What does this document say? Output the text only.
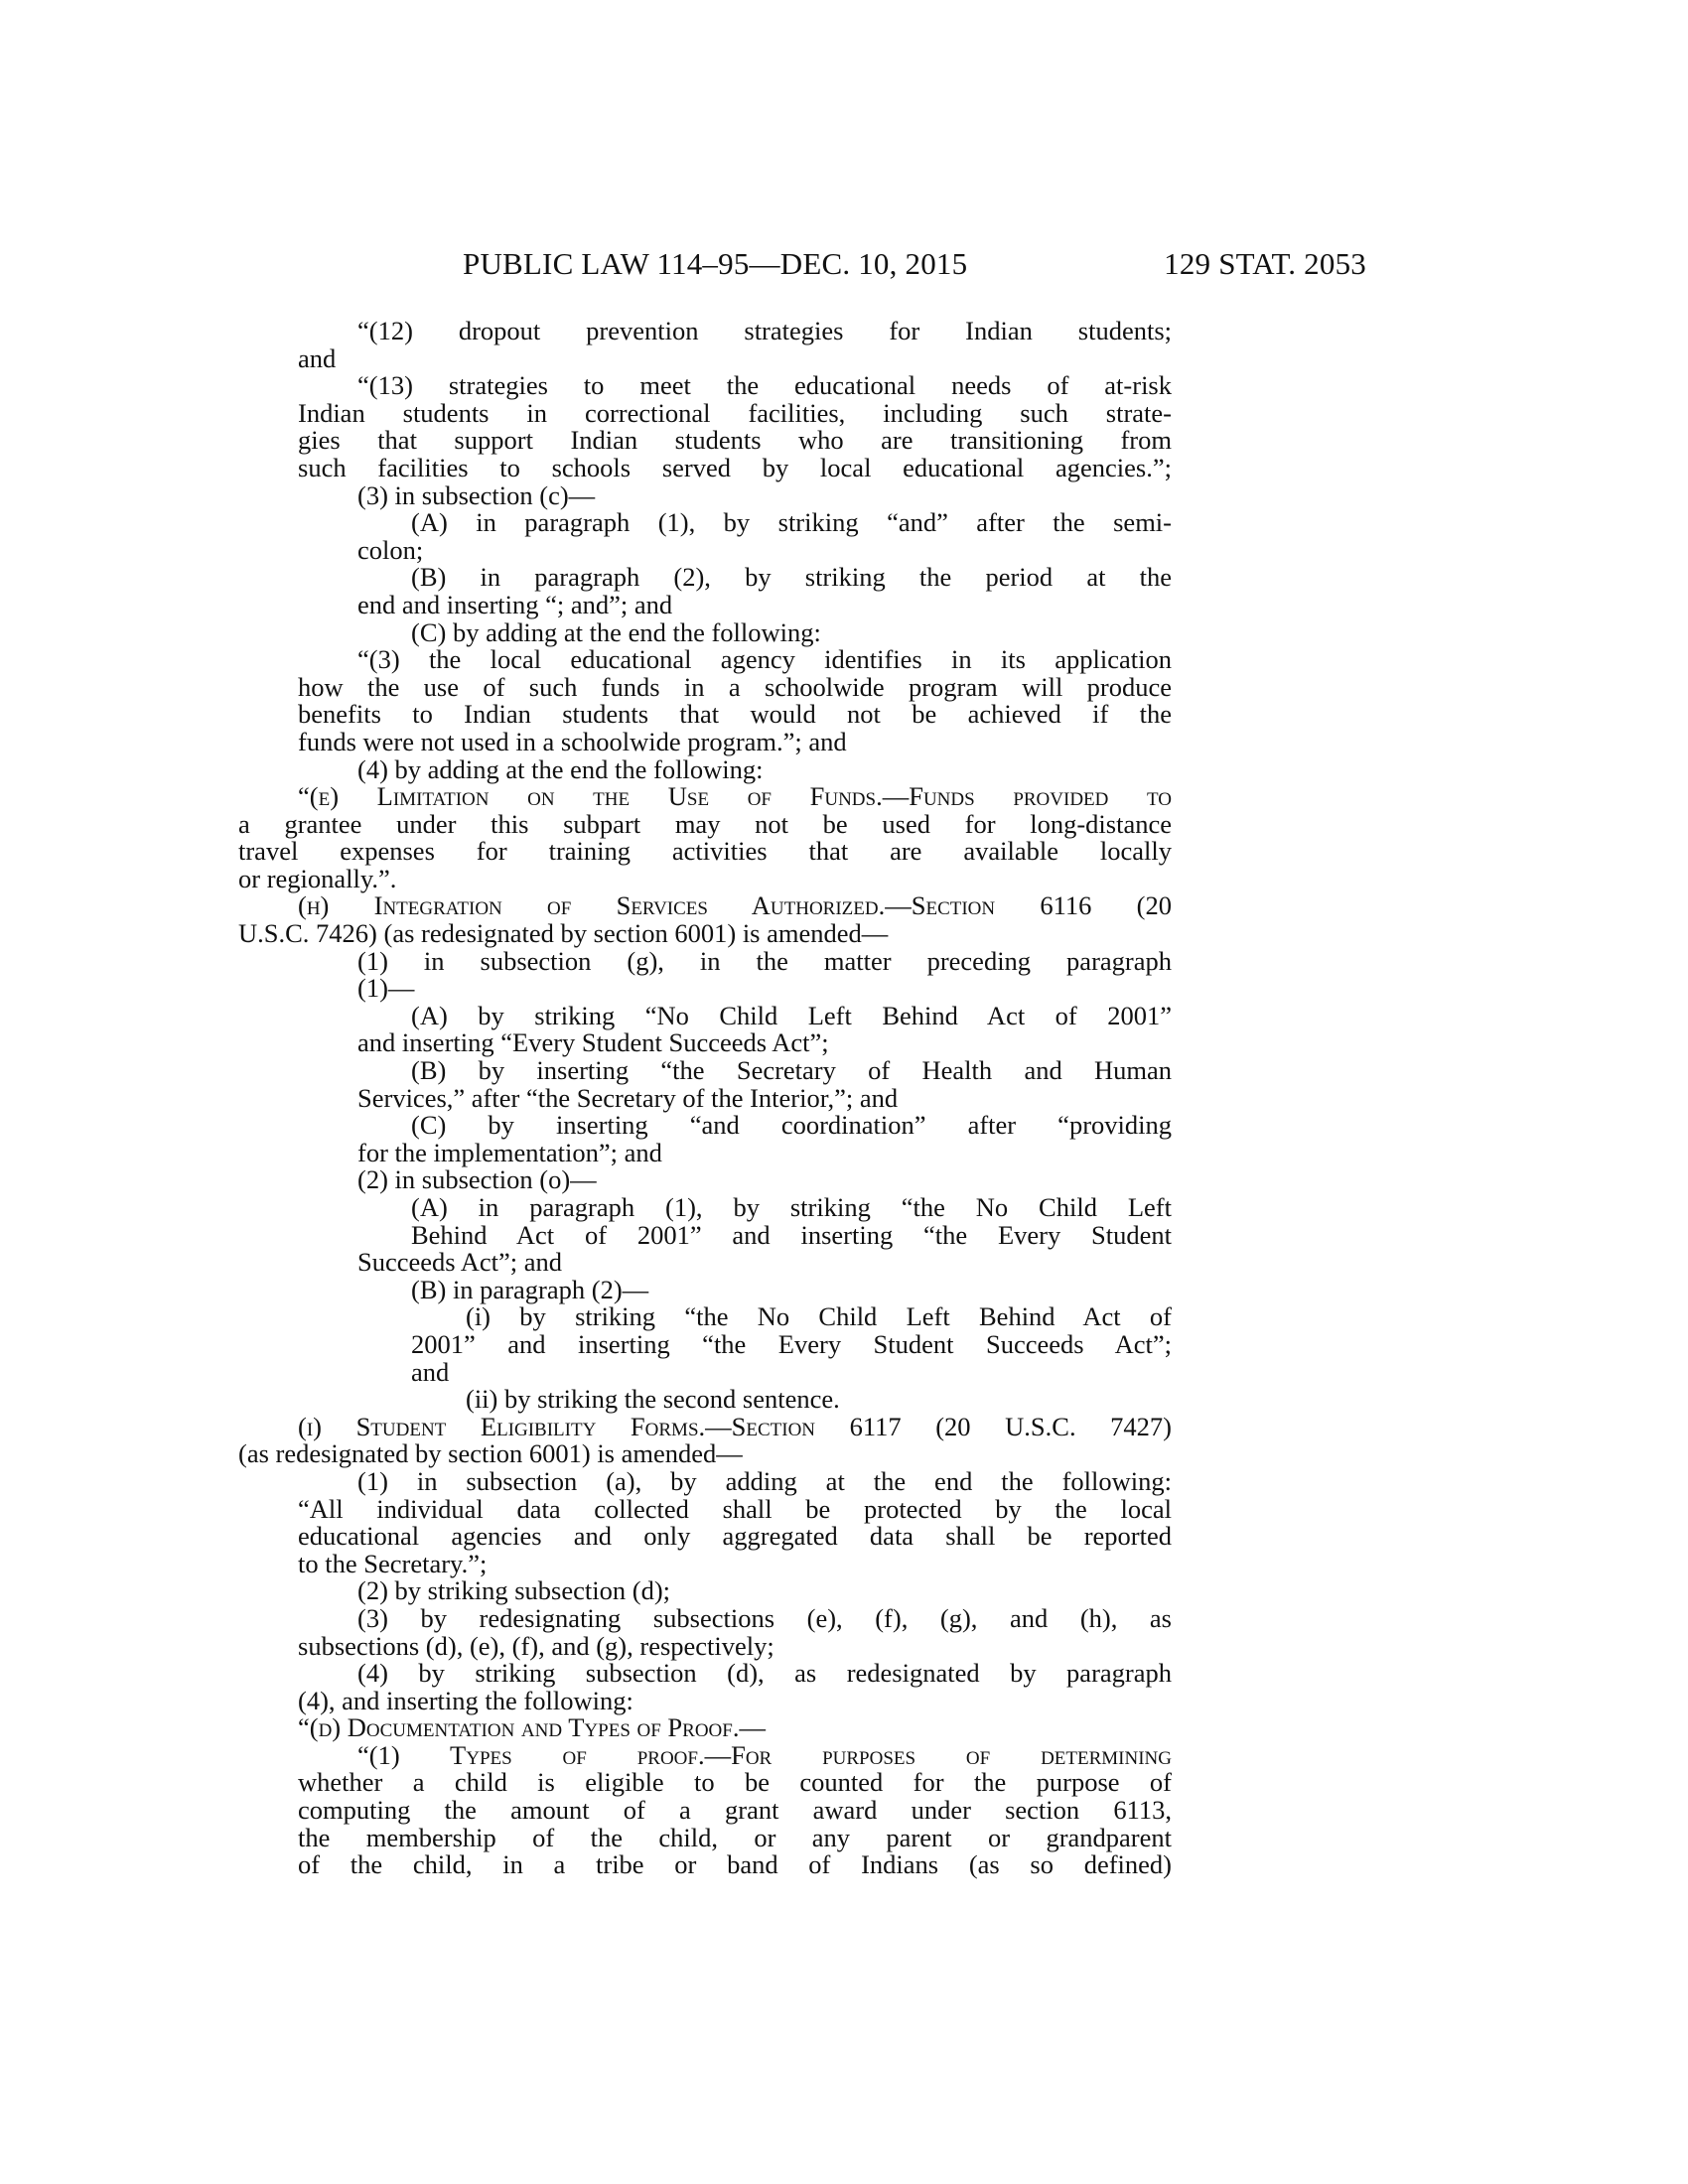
PUBLIC LAW 114–95—DEC. 10, 2015	129 STAT. 2053
“(12) dropout prevention strategies for Indian students;
and
“(13) strategies to meet the educational needs of at-risk
Indian students in correctional facilities, including such strate-
gies that support Indian students who are transitioning from
such facilities to schools served by local educational agencies.”;
(3) in subsection (c)—
(A) in paragraph (1), by striking “and” after the semi-
colon;
(B) in paragraph (2), by striking the period at the
end and inserting “; and”; and
(C) by adding at the end the following:
“(3) the local educational agency identifies in its application
how the use of such funds in a schoolwide program will produce
benefits to Indian students that would not be achieved if the
funds were not used in a schoolwide program.”; and
(4) by adding at the end the following:
“(e) Limitation on the Use of Funds.—Funds provided to
a grantee under this subpart may not be used for long-distance
travel expenses for training activities that are available locally
or regionally.”.
(h) Integration of Services Authorized.—Section 6116 (20
U.S.C. 7426) (as redesignated by section 6001) is amended—
(1) in subsection (g), in the matter preceding paragraph
(1)—
(A) by striking “No Child Left Behind Act of 2001”
and inserting “Every Student Succeeds Act”;
(B) by inserting “the Secretary of Health and Human
Services,” after “the Secretary of the Interior,”; and
(C) by inserting “and coordination” after “providing
for the implementation”; and
(2) in subsection (o)—
(A) in paragraph (1), by striking “the No Child Left
Behind Act of 2001” and inserting “the Every Student
Succeeds Act”; and
(B) in paragraph (2)—
(i) by striking “the No Child Left Behind Act of
2001” and inserting “the Every Student Succeeds Act”;
and
(ii) by striking the second sentence.
(i) Student Eligibility Forms.—Section 6117 (20 U.S.C. 7427)
(as redesignated by section 6001) is amended—
(1) in subsection (a), by adding at the end the following:
“All individual data collected shall be protected by the local
educational agencies and only aggregated data shall be reported
to the Secretary.”;
(2) by striking subsection (d);
(3) by redesignating subsections (e), (f), (g), and (h), as
subsections (d), (e), (f), and (g), respectively;
(4) by striking subsection (d), as redesignated by paragraph
(4), and inserting the following:
“(d) Documentation and Types of Proof.—
“(1) Types of proof.—For purposes of determining
whether a child is eligible to be counted for the purpose of
computing the amount of a grant award under section 6113,
the membership of the child, or any parent or grandparent
of the child, in a tribe or band of Indians (as so defined)
